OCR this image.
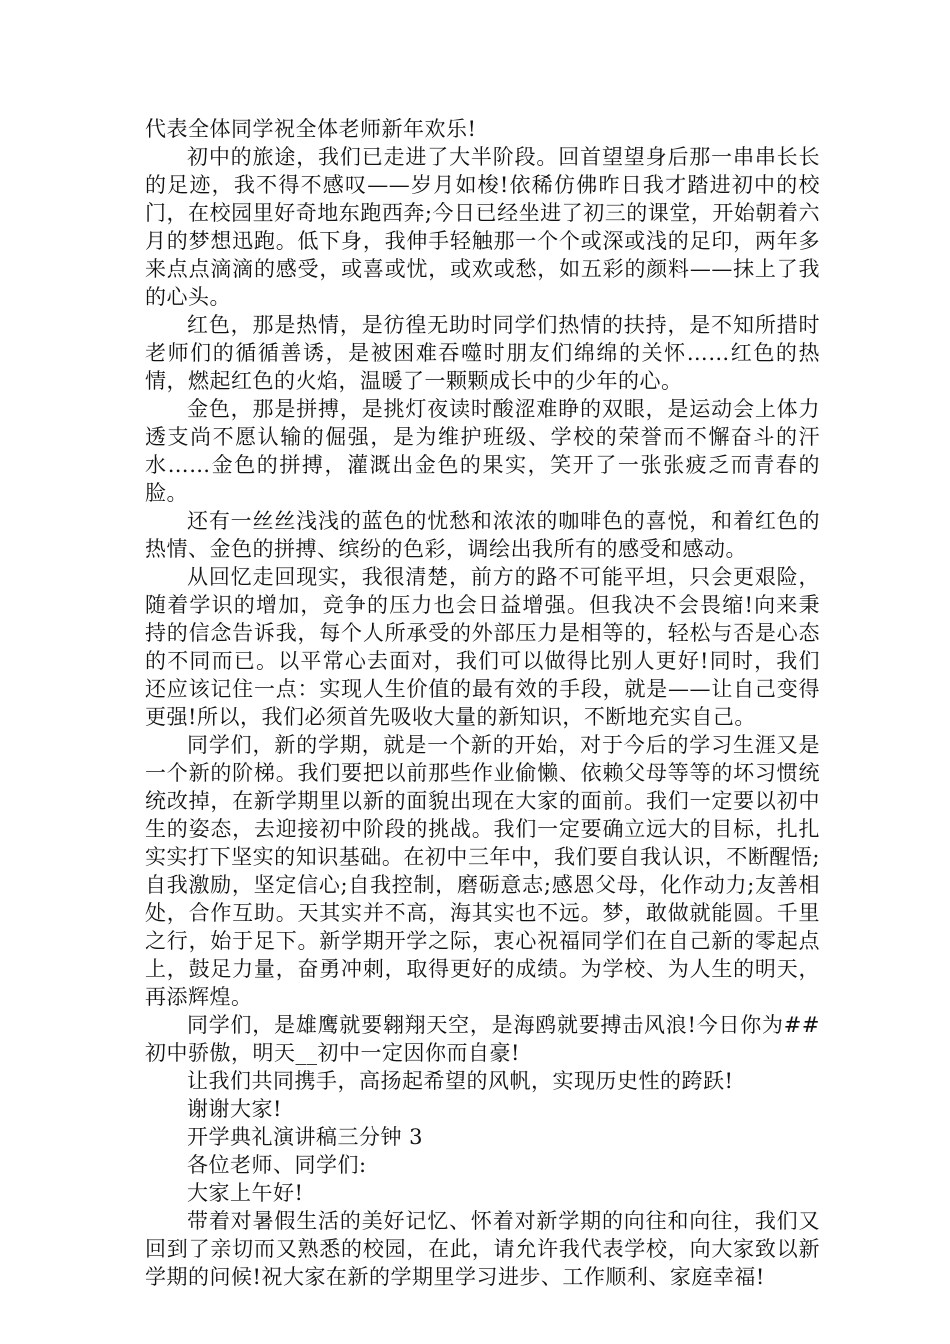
代表全体同学祝全体老师新年欢乐!

初中的旅途，我们已走进了大半阶段。回首望望身后那一串串长长的足迹，我不得不感叹——岁月如梭!依稀仿佛昨日我才踏进初中的校门，在校园里好奇地东跑西奔;今日已经坐进了初三的课堂，开始朝着六月的梦想迅跑。低下身，我伸手轻触那一个个或深或浅的足印，两年多来点点滴滴的感受，或喜或忧，或欢或愁，如五彩的颜料——抹上了我的心头。

红色，那是热情，是彷徨无助时同学们热情的扶持，是不知所措时老师们的循循善诱，是被困难吞噬时朋友们绵绵的关怀……红色的热情，燃起红色的火焰，温暖了一颗颗成长中的少年的心。

金色，那是拼搏，是挑灯夜读时酸涩难睁的双眼，是运动会上体力透支尚不愿认输的倔强，是为维护班级、学校的荣誉而不懈奋斗的汗水……金色的拼搏，灌溉出金色的果实，笑开了一张张疲乏而青春的脸。

还有一丝丝浅浅的蓝色的忧愁和浓浓的咖啡色的喜悦，和着红色的热情、金色的拼搏、缤纷的色彩，调绘出我所有的感受和感动。

从回忆走回现实，我很清楚，前方的路不可能平坦，只会更艰险，随着学识的增加，竞争的压力也会日益增强。但我决不会畏缩!向来秉持的信念告诉我，每个人所承受的外部压力是相等的，轻松与否是心态的不同而已。以平常心去面对，我们可以做得比别人更好!同时，我们还应该记住一点：实现人生价值的最有效的手段，就是——让自己变得更强!所以，我们必须首先吸收大量的新知识，不断地充实自己。

同学们，新的学期，就是一个新的开始，对于今后的学习生涯又是一个新的阶梯。我们要把以前那些作业偷懒、依赖父母等等的坏习惯统统改掉，在新学期里以新的面貌出现在大家的面前。我们一定要以初中生的姿态，去迎接初中阶段的挑战。我们一定要确立远大的目标，扎扎实实打下坚实的知识基础。在初中三年中，我们要自我认识，不断醒悟;自我激励，坚定信心;自我控制，磨砺意志;感恩父母，化作动力;友善相处，合作互助。天其实并不高，海其实也不远。梦，敢做就能圆。千里之行，始于足下。新学期开学之际，衷心祝福同学们在自己新的零起点上，鼓足力量，奋勇冲刺，取得更好的成绩。为学校、为人生的明天，再添辉煌。

同学们，是雄鹰就要翱翔天空，是海鸥就要搏击风浪!今日你为##初中骄傲，明天__初中一定因你而自豪!

让我们共同携手，高扬起希望的风帆，实现历史性的跨跃!

谢谢大家!

开学典礼演讲稿三分钟 3

各位老师、同学们:

大家上午好!

带着对暑假生活的美好记忆、怀着对新学期的向往和向往，我们又回到了亲切而又熟悉的校园，在此，请允许我代表学校，向大家致以新学期的问候!祝大家在新的学期里学习进步、工作顺利、家庭幸福!
